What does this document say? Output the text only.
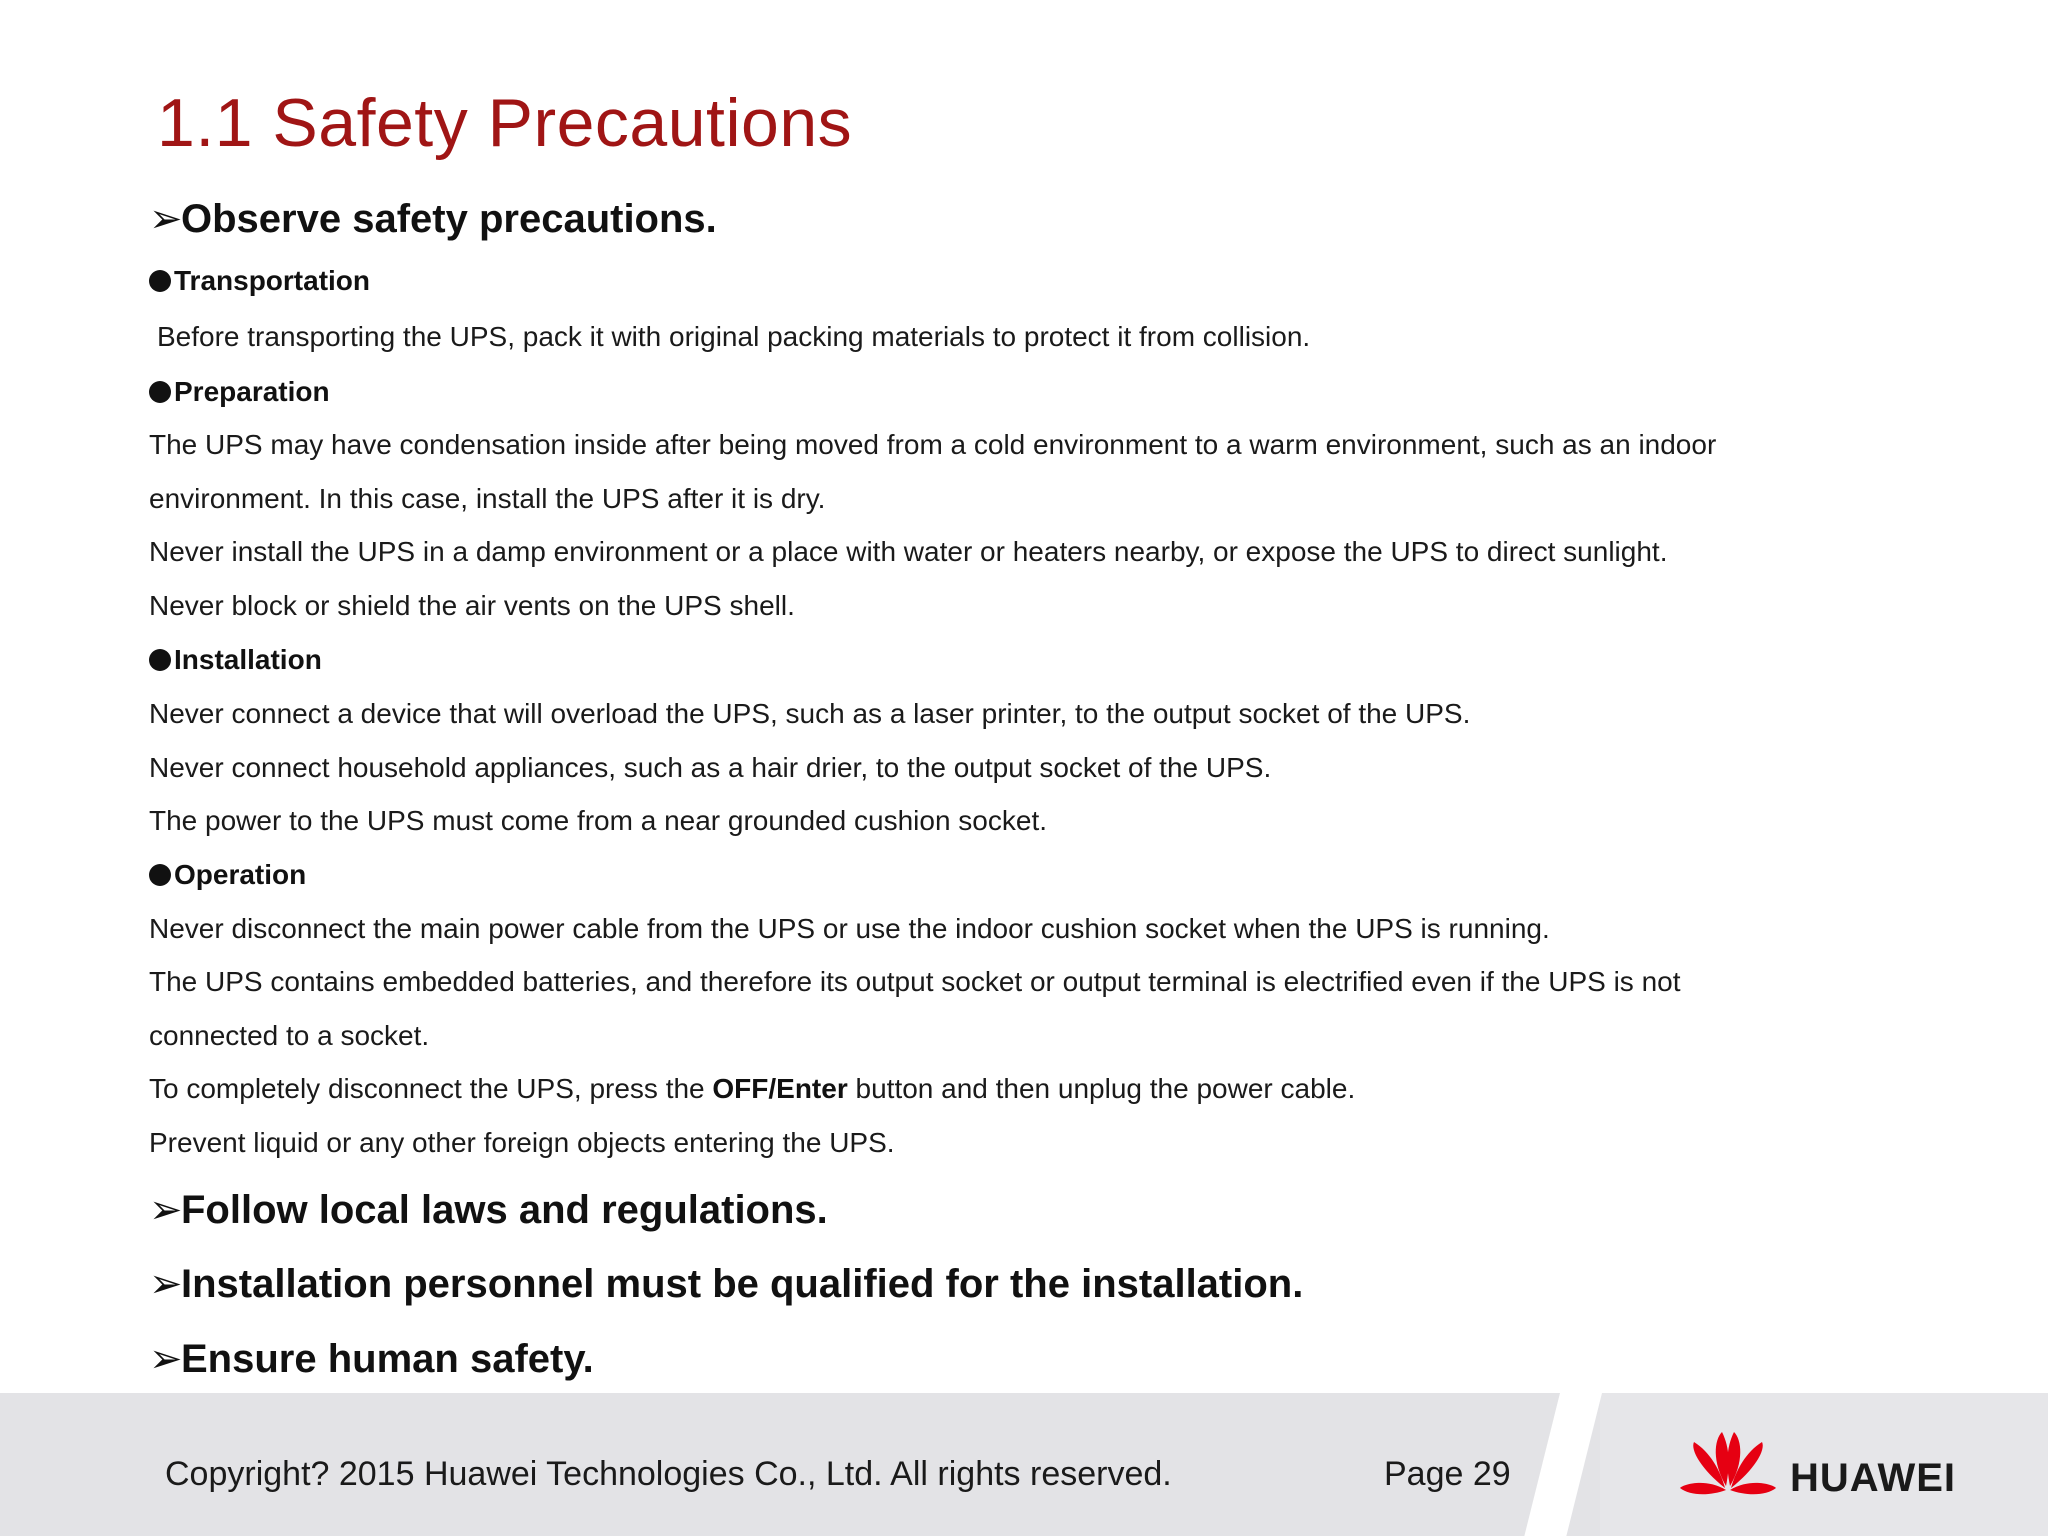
1.1 Safety Precautions
➢Observe safety precautions.
Transportation
Before transporting the UPS, pack it with original packing materials to protect it from collision.
Preparation
The UPS may have condensation inside after being moved from a cold environment to a warm environment, such as an indoor
environment. In this case, install the UPS after it is dry.
Never install the UPS in a damp environment or a place with water or heaters nearby, or expose the UPS to direct sunlight.
Never block or shield the air vents on the UPS shell.
Installation
Never connect a device that will overload the UPS, such as a laser printer, to the output socket of the UPS.
Never connect household appliances, such as a hair drier, to the output socket of the UPS.
The power to the UPS must come from a near grounded cushion socket.
Operation
Never disconnect the main power cable from the UPS or use the indoor cushion socket when the UPS is running.
The UPS contains embedded batteries, and therefore its output socket or output terminal is electrified even if the UPS is not
connected to a socket.
To completely disconnect the UPS, press the OFF/Enter button and then unplug the power cable.
Prevent liquid or any other foreign objects entering the UPS.
➢Follow local laws and regulations.
➢Installation personnel must be qualified for the installation.
➢Ensure human safety.
Copyright? 2015 Huawei Technologies Co., Ltd. All rights reserved.	Page 29	HUAWEI
